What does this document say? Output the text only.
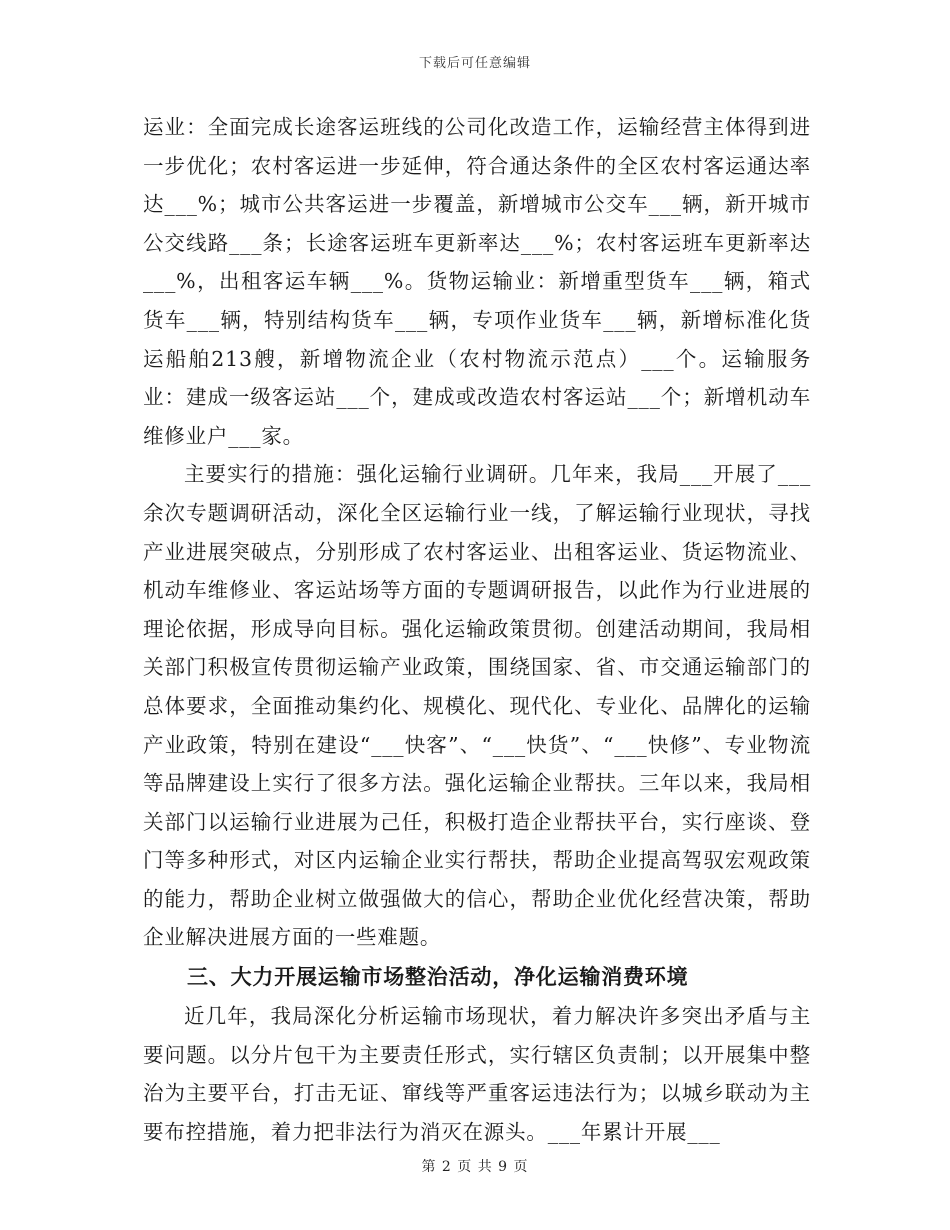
下载后可任意编辑

运业：全面完成长途客运班线的公司化改造工作，运输经营主体得到进一步优化；农村客运进一步延伸，符合通达条件的全区农村客运通达率达___%；城市公共客运进一步覆盖，新增城市公交车___辆，新开城市公交线路___条；长途客运班车更新率达___%；农村客运班车更新率达___%，出租客运车辆___%。货物运输业：新增重型货车___辆，箱式货车___辆，特别结构货车___辆，专项作业货车___辆，新增标准化货运船舶213艘，新增物流企业（农村物流示范点）___个。运输服务业：建成一级客运站___个，建成或改造农村客运站___个；新增机动车维修业户___家。

主要实行的措施：强化运输行业调研。几年来，我局___开展了___余次专题调研活动，深化全区运输行业一线，了解运输行业现状，寻找产业进展突破点，分别形成了农村客运业、出租客运业、货运物流业、机动车维修业、客运站场等方面的专题调研报告，以此作为行业进展的理论依据，形成导向目标。强化运输政策贯彻。创建活动期间，我局相关部门积极宣传贯彻运输产业政策，围绕国家、省、市交通运输部门的总体要求，全面推动集约化、规模化、现代化、专业化、品牌化的运输产业政策，特别在建设“___快客”、“___快货”、“___快修”、专业物流等品牌建设上实行了很多方法。强化运输企业帮扶。三年以来，我局相关部门以运输行业进展为己任，积极打造企业帮扶平台，实行座谈、登门等多种形式，对区内运输企业实行帮扶，帮助企业提高驾驭宏观政策的能力，帮助企业树立做强做大的信心，帮助企业优化经营决策，帮助企业解决进展方面的一些难题。

三、大力开展运输市场整治活动，净化运输消费环境

近几年，我局深化分析运输市场现状，着力解决许多突出矛盾与主要问题。以分片包干为主要责任形式，实行辖区负责制；以开展集中整治为主要平台，打击无证、窜线等严重客运违法行为；以城乡联动为主要布控措施，着力把非法行为消灭在源头。___年累计开展___

第 2 页 共 9 页
